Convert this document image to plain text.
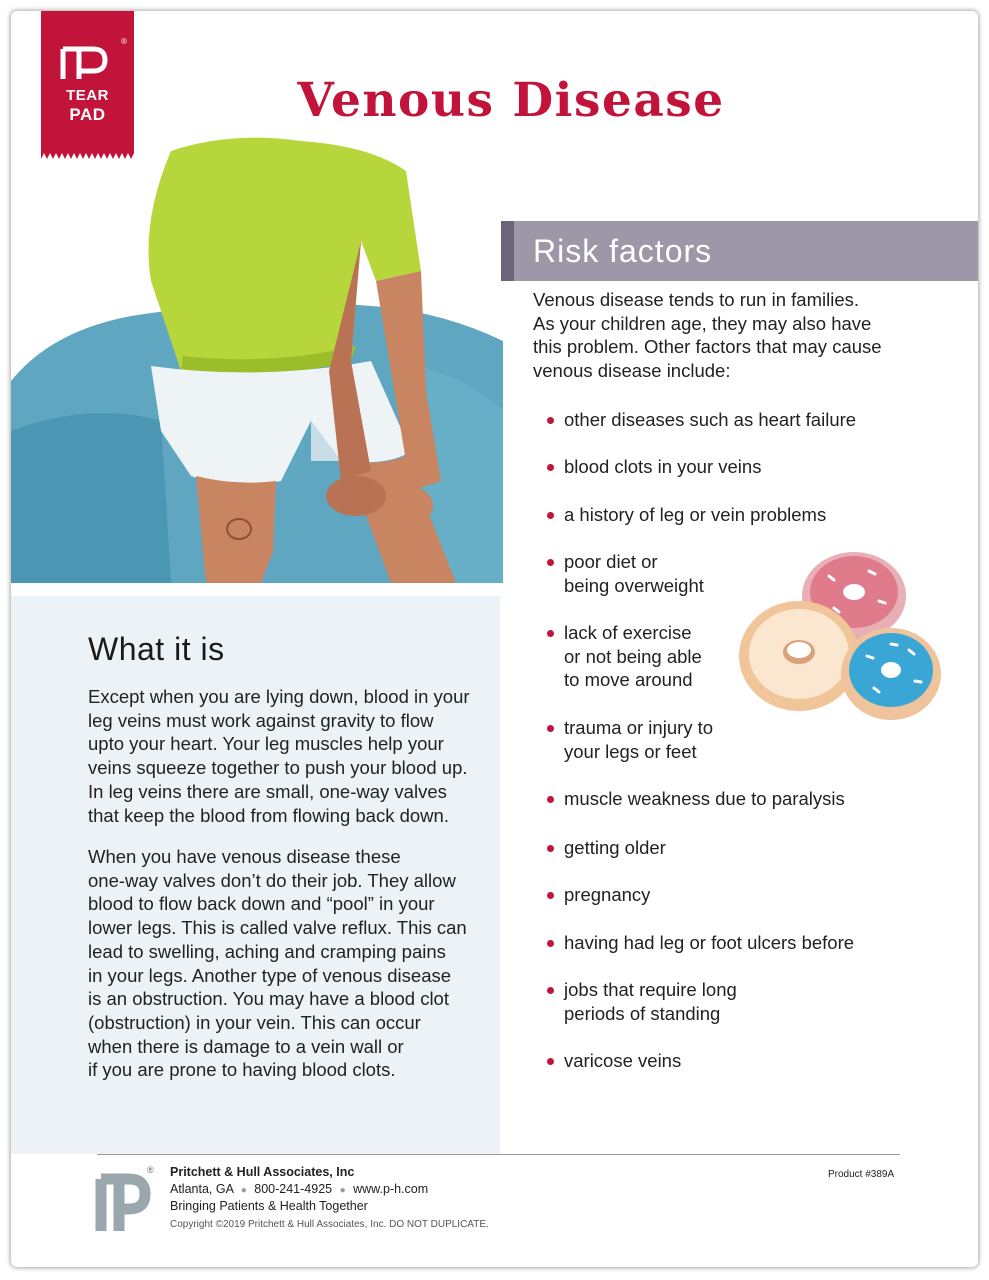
®
TEAR
PAD	Venous Disease
What it is
Except when you are lying down, blood in your
leg veins must work against gravity to flow
upto your heart. Your leg muscles help your
veins squeeze together to push your blood up.
In leg veins there are small, one-way valves
that keep the blood from flowing back down.
When you have venous disease these
one-way valves don’t do their job. They allow
blood to flow back down and “pool” in your
lower legs. This is called valve reflux. This can
lead to swelling, aching and cramping pains
in your legs. Another type of venous disease
is an obstruction. You may have a blood clot
(obstruction) in your vein. This can occur
when there is damage to a vein wall or
if you are prone to having blood clots.
Risk factors
Venous disease tends to run in families.
As your children age, they may also have
this problem. Other factors that may cause
venous disease include:
other diseases such as heart failure
blood clots in your veins
a history of leg or vein problems
poor diet or
being overweight
lack of exercise
or not being able
to move around
trauma or injury to
your legs or feet
muscle weakness due to paralysis
getting older
pregnancy
having had leg or foot ulcers before
jobs that require long
periods of standing
varicose veins
® Pritchett & Hull Associates, Inc
Atlanta, GA ● 800-241-4925 ● www.p-h.com
Bringing Patients & Health Together
Copyright ©2019 Pritchett & Hull Associates, Inc. DO NOT DUPLICATE.
Product #389A
